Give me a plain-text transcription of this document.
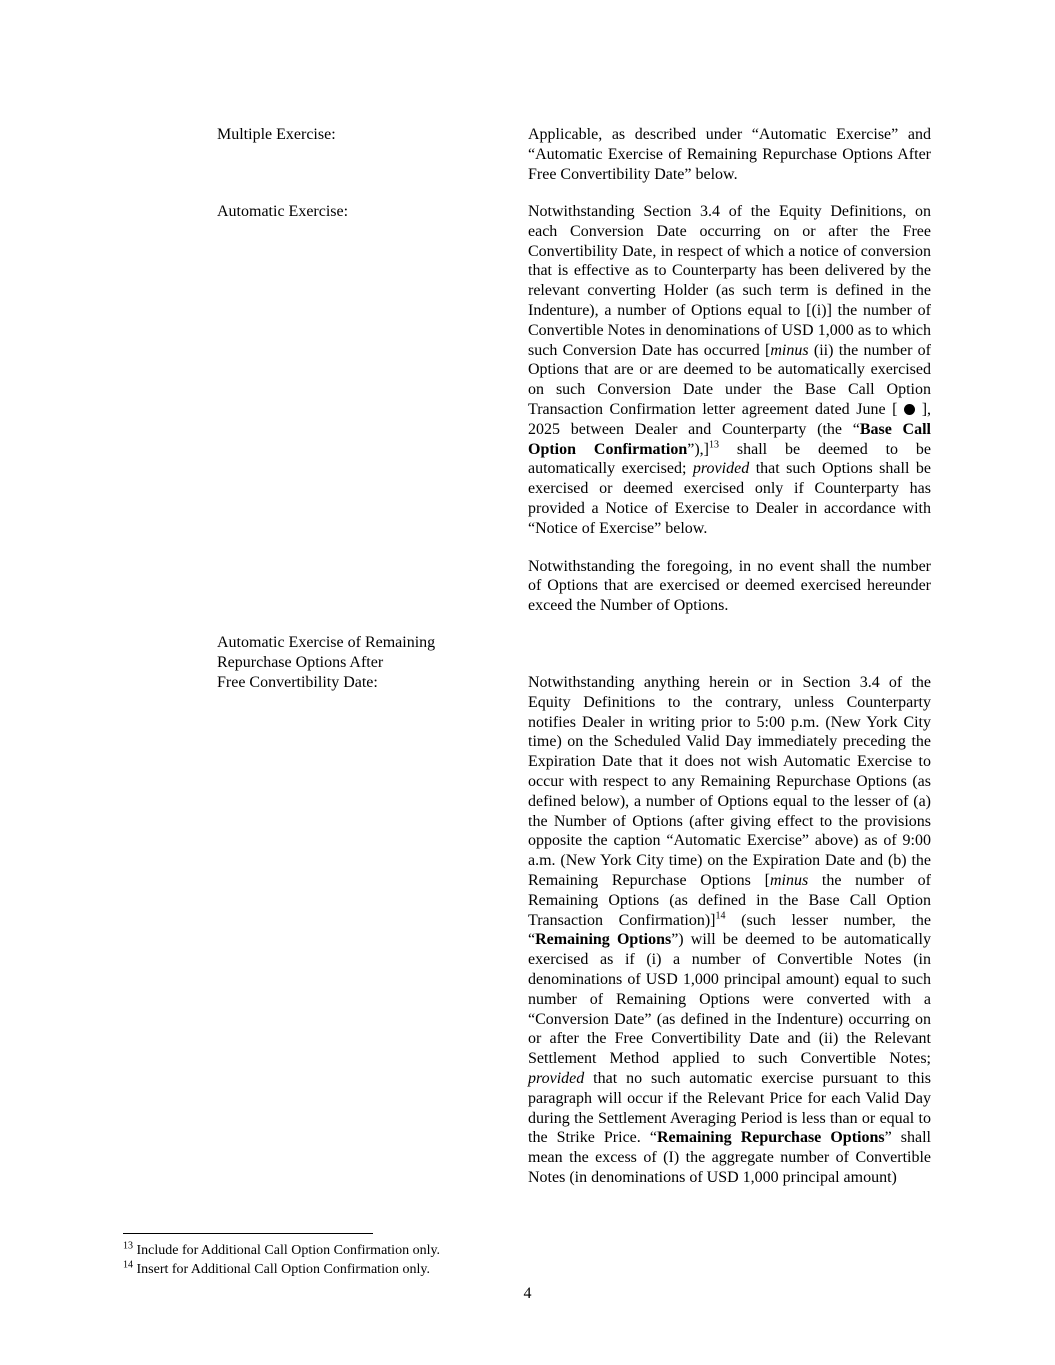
Multiple Exercise:	Applicable, as described under “Automatic Exercise” and “Automatic Exercise of Remaining Repurchase Options After Free Convertibility Date” below.

Automatic Exercise:	Notwithstanding Section 3.4 of the Equity Definitions, on each Conversion Date occurring on or after the Free Convertibility Date, in respect of which a notice of conversion that is effective as to Counterparty has been delivered by the relevant converting Holder (as such term is defined in the Indenture), a number of Options equal to [(i)] the number of Convertible Notes in denominations of USD 1,000 as to which such Conversion Date has occurred [minus (ii) the number of Options that are or are deemed to be automatically exercised on such Conversion Date under the Base Call Option Transaction Confirmation letter agreement dated June [  ], 2025 between Dealer and Counterparty (the “Base Call Option Confirmation”),]$^{13}$ shall be deemed to be automatically exercised; provided that such Options shall be exercised or deemed exercised only if Counterparty has provided a Notice of Exercise to Dealer in accordance with “Notice of Exercise” below.

Notwithstanding the foregoing, in no event shall the number of Options that are exercised or deemed exercised hereunder exceed the Number of Options.

Automatic Exercise of Remaining
Repurchase Options After
Free Convertibility Date:	Notwithstanding anything herein or in Section 3.4 of the Equity Definitions to the contrary, unless Counterparty notifies Dealer in writing prior to 5:00 p.m. (New York City time) on the Scheduled Valid Day immediately preceding the Expiration Date that it does not wish Automatic Exercise to occur with respect to any Remaining Repurchase Options (as defined below), a number of Options equal to the lesser of (a) the Number of Options (after giving effect to the provisions opposite the caption “Automatic Exercise” above) as of 9:00 a.m. (New York City time) on the Expiration Date and (b) the Remaining Repurchase Options [minus the number of Remaining Options (as defined in the Base Call Option Transaction Confirmation)]$^{14}$ (such lesser number, the “Remaining Options”) will be deemed to be automatically exercised as if (i) a number of Convertible Notes (in denominations of USD 1,000 principal amount) equal to such number of Remaining Options were converted with a “Conversion Date” (as defined in the Indenture) occurring on or after the Free Convertibility Date and (ii) the Relevant Settlement Method applied to such Convertible Notes; provided that no such automatic exercise pursuant to this paragraph will occur if the Relevant Price for each Valid Day during the Settlement Averaging Period is less than or equal to the Strike Price. “Remaining Repurchase Options” shall mean the excess of (I) the aggregate number of Convertible Notes (in denominations of USD 1,000 principal amount)

$^{13}$ Include for Additional Call Option Confirmation only.
$^{14}$ Insert for Additional Call Option Confirmation only.
4
